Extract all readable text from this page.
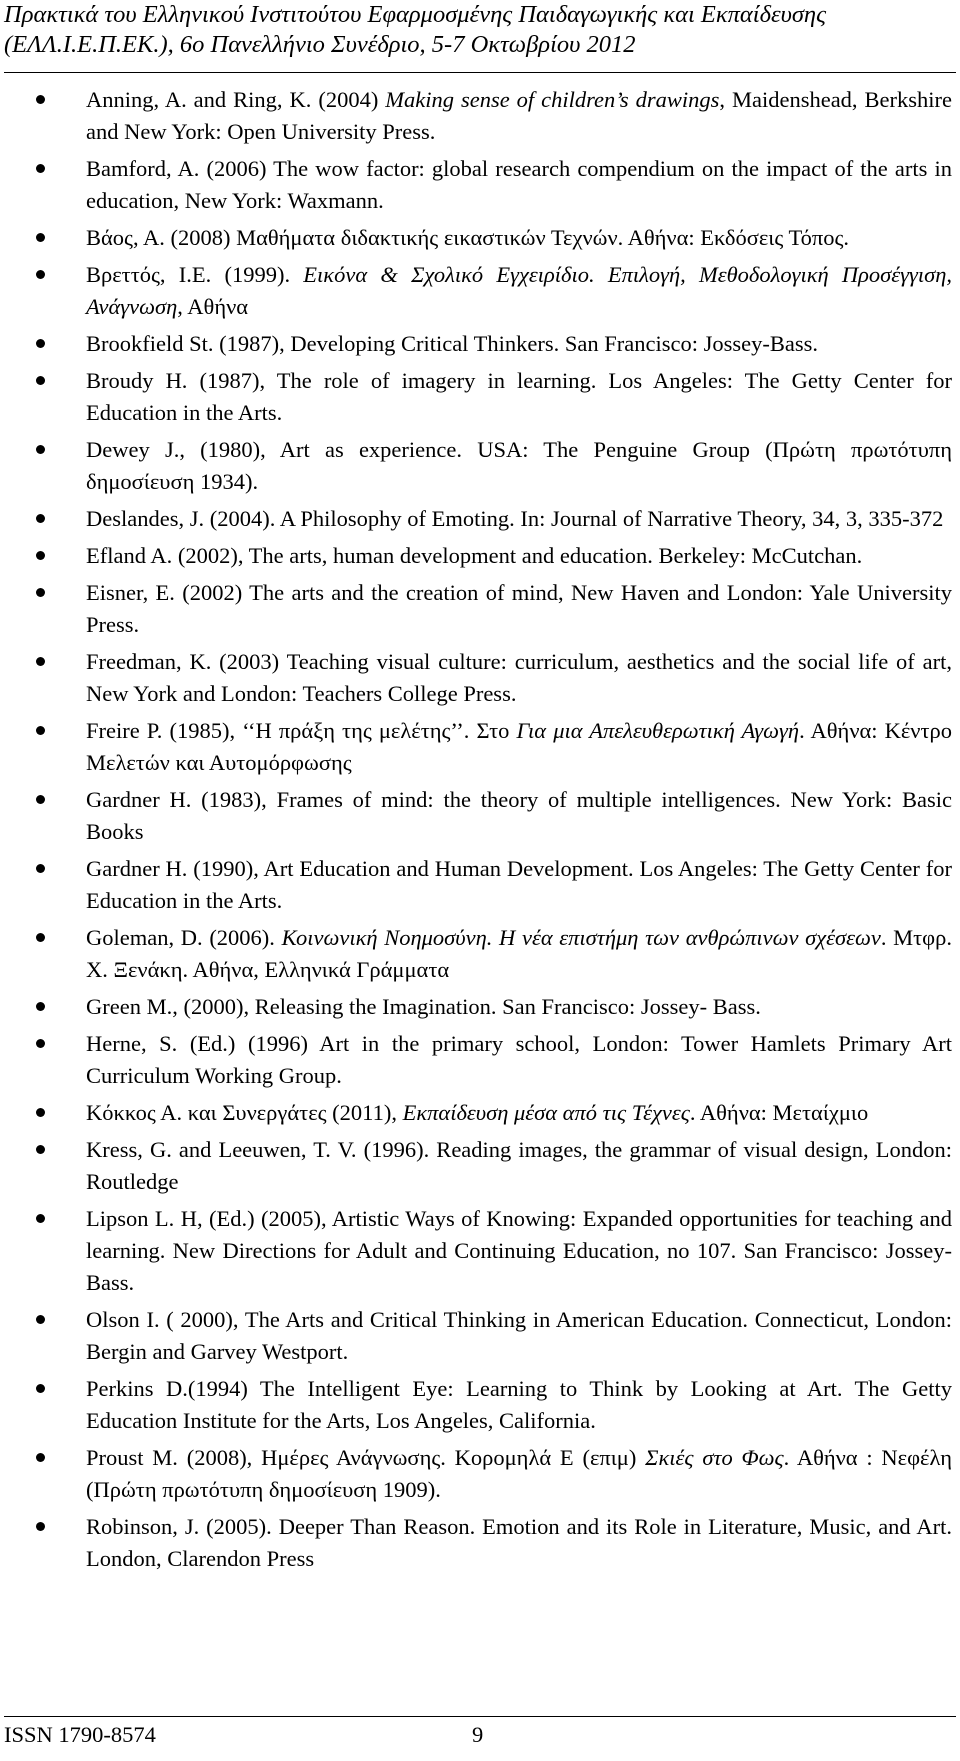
Πρακτικά του Ελληνικού Ινστιτούτου Εφαρμοσμένης Παιδαγωγικής και Εκπαίδευσης
(ΕΛΛ.Ι.Ε.Π.ΕΚ.), 6ο Πανελλήνιο Συνέδριο, 5-7 Οκτωβρίου 2012
Anning, A. and Ring, K. (2004) Making sense of children’s drawings, Maidenshead, Berkshire and New York: Open University Press.
Bamford, A. (2006) The wow factor: global research compendium on the impact of the arts in education, New York: Waxmann.
Βάος, Α. (2008) Μαθήματα διδακτικής εικαστικών Τεχνών. Αθήνα: Εκδόσεις Τόπος.
Βρεττός, Ι.Ε. (1999). Εικόνα & Σχολικό Εγχειρίδιο. Επιλογή, Μεθοδολογική Προσέγγιση, Ανάγνωση, Αθήνα
Brookfield St. (1987), Developing Critical Thinkers. San Francisco: Jossey-Bass.
Broudy H. (1987), The role of imagery in learning. Los Angeles: The Getty Center for Education in the Arts.
Dewey J., (1980), Art as experience. USA: The Penguine Group (Πρώτη πρωτότυπη δημοσίευση 1934).
Deslandes, J. (2004). A Philosophy of Emoting. In: Journal of Narrative Theory, 34, 3, 335-372
Efland A. (2002), The arts, human development and education. Berkeley: McCutchan.
Eisner, E. (2002) The arts and the creation of mind, New Haven and London: Yale University Press.
Freedman, K. (2003) Teaching visual culture: curriculum, aesthetics and the social life of art, New York and London: Teachers College Press.
Freire P. (1985), ‘‘Η πράξη της μελέτης’’. Στο Για μια Απελευθερωτική Αγωγή. Αθήνα: Κέντρο Μελετών και Αυτομόρφωσης
Gardner H. (1983), Frames of mind: the theory of multiple intelligences. New York: Basic Books
Gardner H. (1990), Art Education and Human Development. Los Angeles: The Getty Center for Education in the Arts.
Goleman, D. (2006). Κοινωνική Νοημοσύνη. Η νέα επιστήμη των ανθρώπινων σχέσεων. Μτφρ. Χ. Ξενάκη. Αθήνα, Ελληνικά Γράμματα
Green M., (2000), Releasing the Imagination. San Francisco: Jossey- Bass.
Herne, S. (Ed.) (1996) Art in the primary school, London: Tower Hamlets Primary Art Curriculum Working Group.
Κόκκος Α. και Συνεργάτες (2011), Εκπαίδευση μέσα από τις Τέχνες. Αθήνα: Μεταίχμιο
Kress, G. and Leeuwen, T. V. (1996). Reading images, the grammar of visual design, London: Routledge
Lipson L. H, (Ed.) (2005), Artistic Ways of Knowing: Expanded opportunities for teaching and learning. New Directions for Adult and Continuing Education, no 107. San Francisco: Jossey-Bass.
Olson I. ( 2000), The Arts and Critical Thinking in American Education. Connecticut, London: Bergin and Garvey Westport.
Perkins D.(1994) The Intelligent Eye: Learning to Think by Looking at Art. The Getty Education Institute for the Arts, Los Angeles, California.
Proust M. (2008), Ημέρες Ανάγνωσης. Κορομηλά Ε (επιμ) Σκιές στο Φως. Αθήνα : Νεφέλη (Πρώτη πρωτότυπη δημοσίευση 1909).
Robinson, J. (2005). Deeper Than Reason. Emotion and its Role in Literature, Music, and Art. London, Clarendon Press
ISSN 1790-8574	9
